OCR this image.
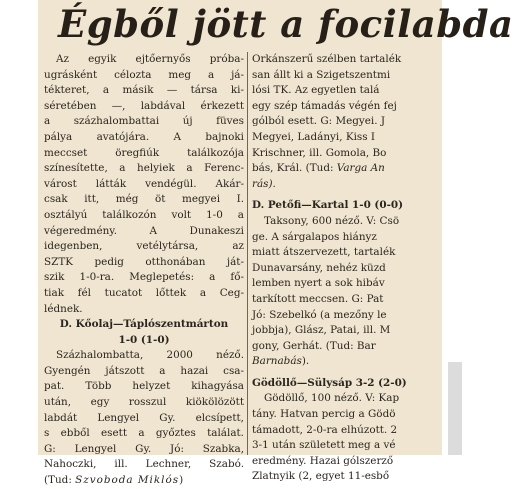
Égből jött a focilabda
Az egyik ejtőernyős próba-
ugrásként célozta meg a já-
tékteret, a másik — társa ki-
séretében —, labdával érkezett
a százhalombattai új füves
pálya avatójára. A bajnoki
meccset öregfiúk találkozója
színesítette, a helyiek a Ferenc-
várost látták vendégül. Akár-
csak itt, még öt megyei I.
osztályú találkozón volt 1-0 a
végeredmény. A Dunakeszi
idegenben, vetélytársa, az
SZTK pedig otthonában ját-
szik 1-0-ra. Meglepetés: a fő-
tiak fél tucatot lőttek a Ceg-
lédnek.
D. Kőolaj—Táplószentmárton
1-0 (1-0)
Százhalombatta, 2000 néző.
Gyengén játszott a hazai csa-
pat. Több helyzet kihagyása
után, egy rosszul kiökölözött
labdát Lengyel Gy. elcsípett,
s ebből esett a győztes találat.
G: Lengyel Gy. Jó: Szabka,
Nahoczki, ill. Lechner, Szabó.
(Tud: Szvoboda Miklós)
Orkánszerű szélben tartalék
san állt ki a Szigetszentmi
lósi TK. Az egyetlen talá
egy szép támadás végén fej
gólból esett. G: Megyei. J
Megyei, Ladányi, Kiss I
Krischner, ill. Gomola, Bo
bás, Král. (Tud: Varga An
rás).
D. Petőfi—Kartal 1-0 (0-0)
Taksony, 600 néző. V: Csö
ge. A sárgalapos hiányz
miatt átszervezett, tartalék
Dunavarsány, nehéz küzd
lemben nyert a sok hibáv
tarkított meccsen. G: Pat
Jó: Szebelkó (a mezőny le
jobbja), Glász, Patai, ill. M
gony, Gerhát. (Tud: Bar
Barnabás).
Gödöllő—Sülysáp 3-2 (2-0)
Gödöllő, 100 néző. V: Kap
tány. Hatvan percig a Gödö
támadott, 2-0-ra elhúzott. 2
3-1 után született meg a vé
eredmény. Hazai gólszerző
Zlatnyik (2, egyet 11-esbő
